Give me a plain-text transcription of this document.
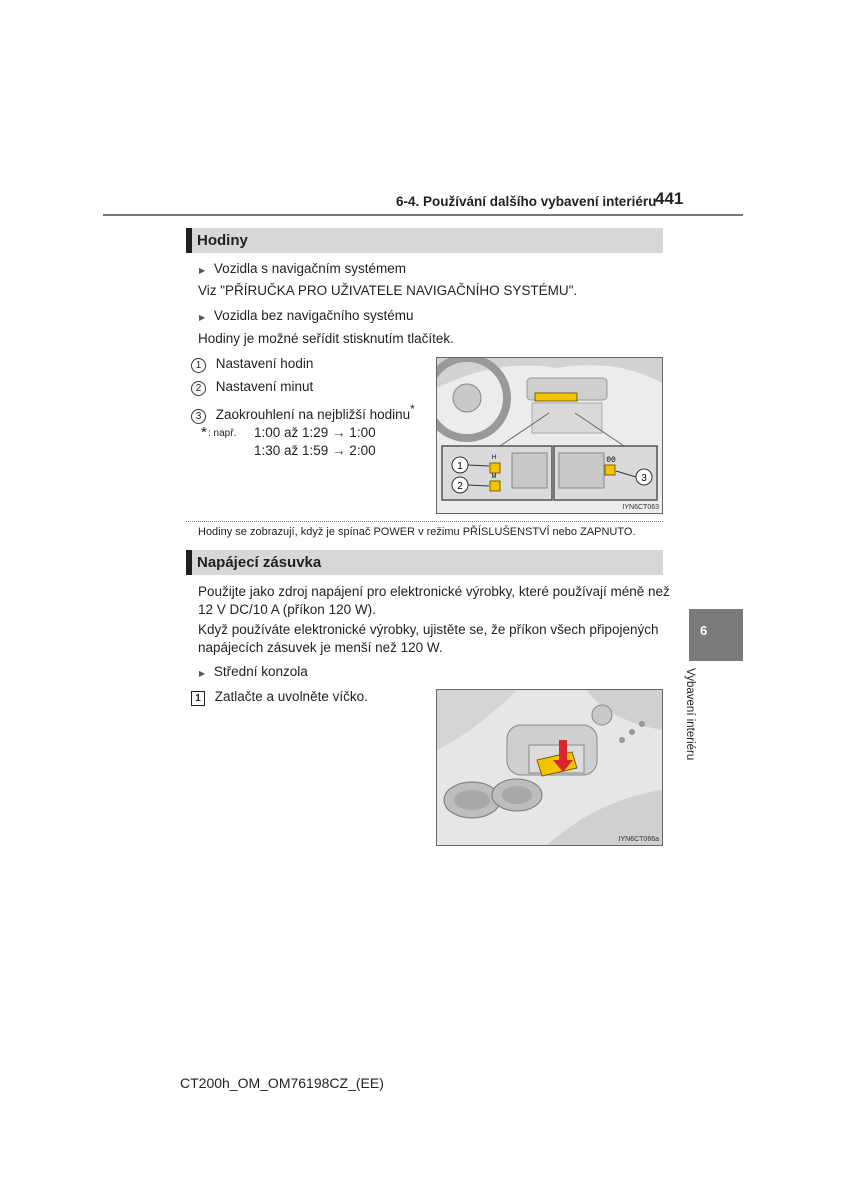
6-4. Používání dalšího vybavení interiéru
441
Hodiny
▶ Vozidla s navigačním systémem
Viz "PŘÍRUČKA PRO UŽIVATELE NAVIGAČNÍHO SYSTÉMU".
▶ Vozidla bez navigačního systému
Hodiny je možné seřídit stisknutím tlačítek.
1 Nastavení hodin
2 Nastavení minut
3 Zaokrouhlení na nejbližší hodinu*
* : např. 1:00 až 1:29 → 1:00
1:30 až 1:59 → 2:00
1
2
3
H
M
00
IYN6CT063
Hodiny se zobrazují, když je spínač POWER v režimu PŘÍSLUŠENSTVÍ nebo ZAPNUTO.
Napájecí zásuvka
Použijte jako zdroj napájení pro elektronické výrobky, které používají méně než
12 V DC/10 A (příkon 120 W).
Když používáte elektronické výrobky, ujistěte se, že příkon všech připojených
napájecích zásuvek je menší než 120 W.
▶ Střední konzola
1 Zatlačte a uvolněte víčko.
IYN6CT066a
6
Vybavení interiéru
CT200h_OM_OM76198CZ_(EE)
